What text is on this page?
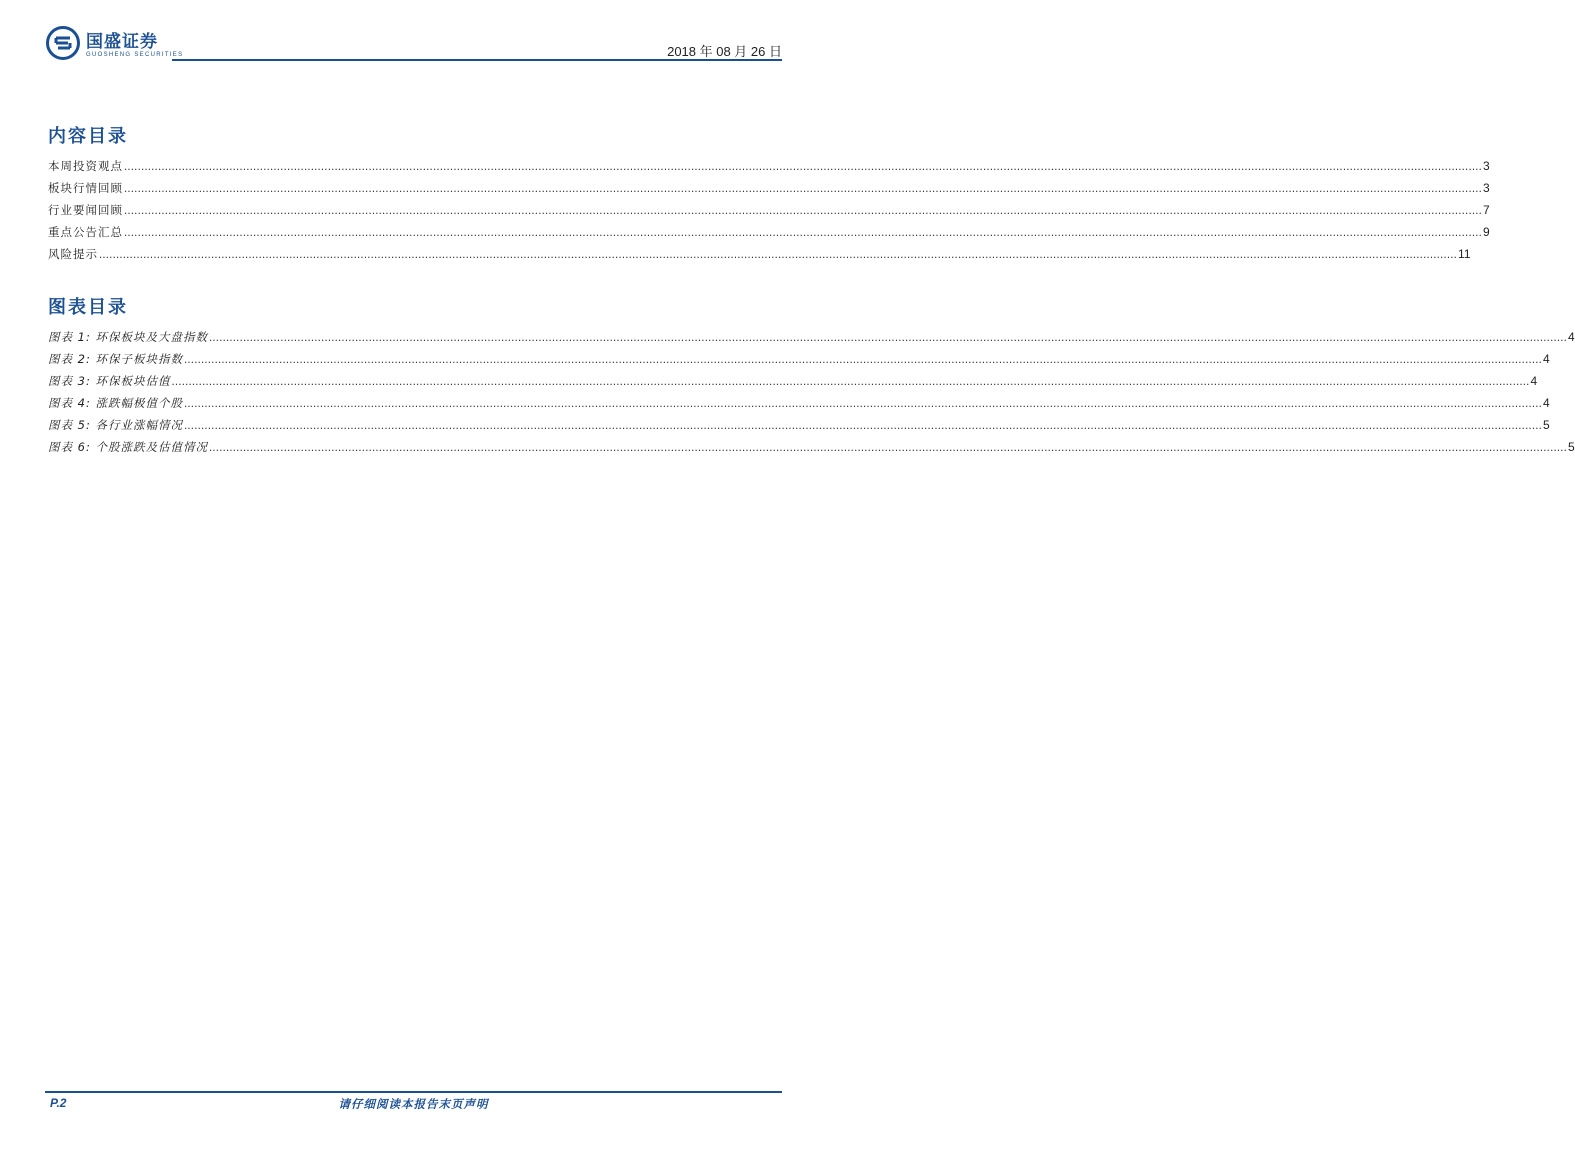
国盛证券
GUOSHENG SECURITIES	2018 年 08 月 26 日
内容目录
本周投资观点 ................................................................................................................................................................................................................................................................................................................................................................................................................ 3
板块行情回顾 ................................................................................................................................................................................................................................................................................................................................................................................................................ 3
行业要闻回顾 ................................................................................................................................................................................................................................................................................................................................................................................................................ 7
重点公告汇总 ................................................................................................................................................................................................................................................................................................................................................................................................................ 9
风险提示 ................................................................................................................................................................................................................................................................................................................................................................................................................ 11
图表目录
图表 1: 环保板块及大盘指数 ................................................................................................................................................................................................................................................................................................................................................................................................................ 4
图表 2: 环保子板块指数 ................................................................................................................................................................................................................................................................................................................................................................................................................ 4
图表 3: 环保板块估值 ................................................................................................................................................................................................................................................................................................................................................................................................................ 4
图表 4: 涨跌幅极值个股 ................................................................................................................................................................................................................................................................................................................................................................................................................ 4
图表 5: 各行业涨幅情况 ................................................................................................................................................................................................................................................................................................................................................................................................................ 5
图表 6: 个股涨跌及估值情况 ................................................................................................................................................................................................................................................................................................................................................................................................................ 5
P.2	请仔细阅读本报告末页声明
